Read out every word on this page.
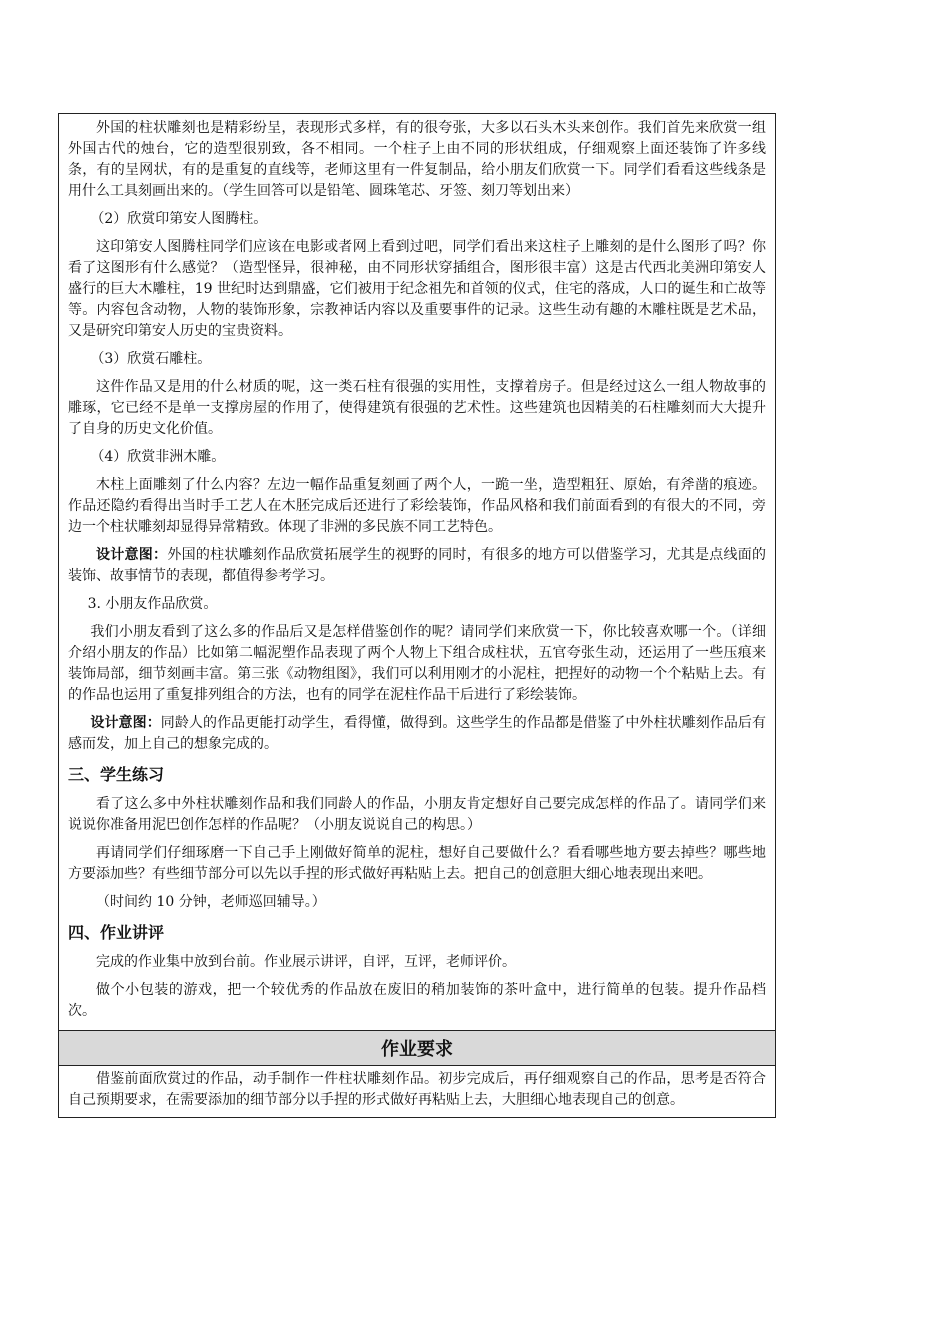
外国的柱状雕刻也是精彩纷呈，表现形式多样，有的很夸张，大多以石头木头来创作。我们首先来欣赏一组外国古代的烛台，它的造型很别致，各不相同。一个柱子上由不同的形状组成，仔细观察上面还装饰了许多线条，有的呈网状，有的是重复的直线等，老师这里有一件复制品，给小朋友们欣赏一下。同学们看看这些线条是用什么工具刻画出来的。（学生回答可以是铅笔、圆珠笔芯、牙签、刻刀等划出来）

（2）欣赏印第安人图腾柱。

这印第安人图腾柱同学们应该在电影或者网上看到过吧，同学们看出来这柱子上雕刻的是什么图形了吗？你看了这图形有什么感觉？（造型怪异，很神秘，由不同形状穿插组合，图形很丰富）这是古代西北美洲印第安人盛行的巨大木雕柱，19 世纪时达到鼎盛，它们被用于纪念祖先和首领的仪式，住宅的落成，人口的诞生和亡故等等。内容包含动物，人物的装饰形象，宗教神话内容以及重要事件的记录。这些生动有趣的木雕柱既是艺术品，又是研究印第安人历史的宝贵资料。

（3）欣赏石雕柱。

这件作品又是用的什么材质的呢，这一类石柱有很强的实用性，支撑着房子。但是经过这么一组人物故事的雕琢，它已经不是单一支撑房屋的作用了，使得建筑有很强的艺术性。这些建筑也因精美的石柱雕刻而大大提升了自身的历史文化价值。

（4）欣赏非洲木雕。

木柱上面雕刻了什么内容？左边一幅作品重复刻画了两个人，一跪一坐，造型粗狂、原始，有斧凿的痕迹。作品还隐约看得出当时手工艺人在木胚完成后还进行了彩绘装饰，作品风格和我们前面看到的有很大的不同，旁边一个柱状雕刻却显得异常精致。体现了非洲的多民族不同工艺特色。

设计意图：外国的柱状雕刻作品欣赏拓展学生的视野的同时，有很多的地方可以借鉴学习，尤其是点线面的装饰、故事情节的表现，都值得参考学习。

3. 小朋友作品欣赏。

我们小朋友看到了这么多的作品后又是怎样借鉴创作的呢？请同学们来欣赏一下，你比较喜欢哪一个。（详细介绍小朋友的作品）比如第二幅泥塑作品表现了两个人物上下组合成柱状，五官夸张生动，还运用了一些压痕来装饰局部，细节刻画丰富。第三张《动物组图》，我们可以利用刚才的小泥柱，把捏好的动物一个个粘贴上去。有的作品也运用了重复排列组合的方法，也有的同学在泥柱作品干后进行了彩绘装饰。

设计意图：同龄人的作品更能打动学生，看得懂，做得到。这些学生的作品都是借鉴了中外柱状雕刻作品后有感而发，加上自己的想象完成的。

三、学生练习

看了这么多中外柱状雕刻作品和我们同龄人的作品，小朋友肯定想好自己要完成怎样的作品了。请同学们来说说你准备用泥巴创作怎样的作品呢？（小朋友说说自己的构思。）

再请同学们仔细琢磨一下自己手上刚做好简单的泥柱，想好自己要做什么？看看哪些地方要去掉些？哪些地方要添加些？有些细节部分可以先以手捏的形式做好再粘贴上去。把自己的创意胆大细心地表现出来吧。

（时间约 10 分钟，老师巡回辅导。）

四、作业讲评

完成的作业集中放到台前。作业展示讲评，自评，互评，老师评价。

做个小包装的游戏，把一个较优秀的作品放在废旧的稍加装饰的茶叶盒中，进行简单的包装。提升作品档次。

作业要求

借鉴前面欣赏过的作品，动手制作一件柱状雕刻作品。初步完成后，再仔细观察自己的作品，思考是否符合自己预期要求，在需要添加的细节部分以手捏的形式做好再粘贴上去，大胆细心地表现自己的创意。
